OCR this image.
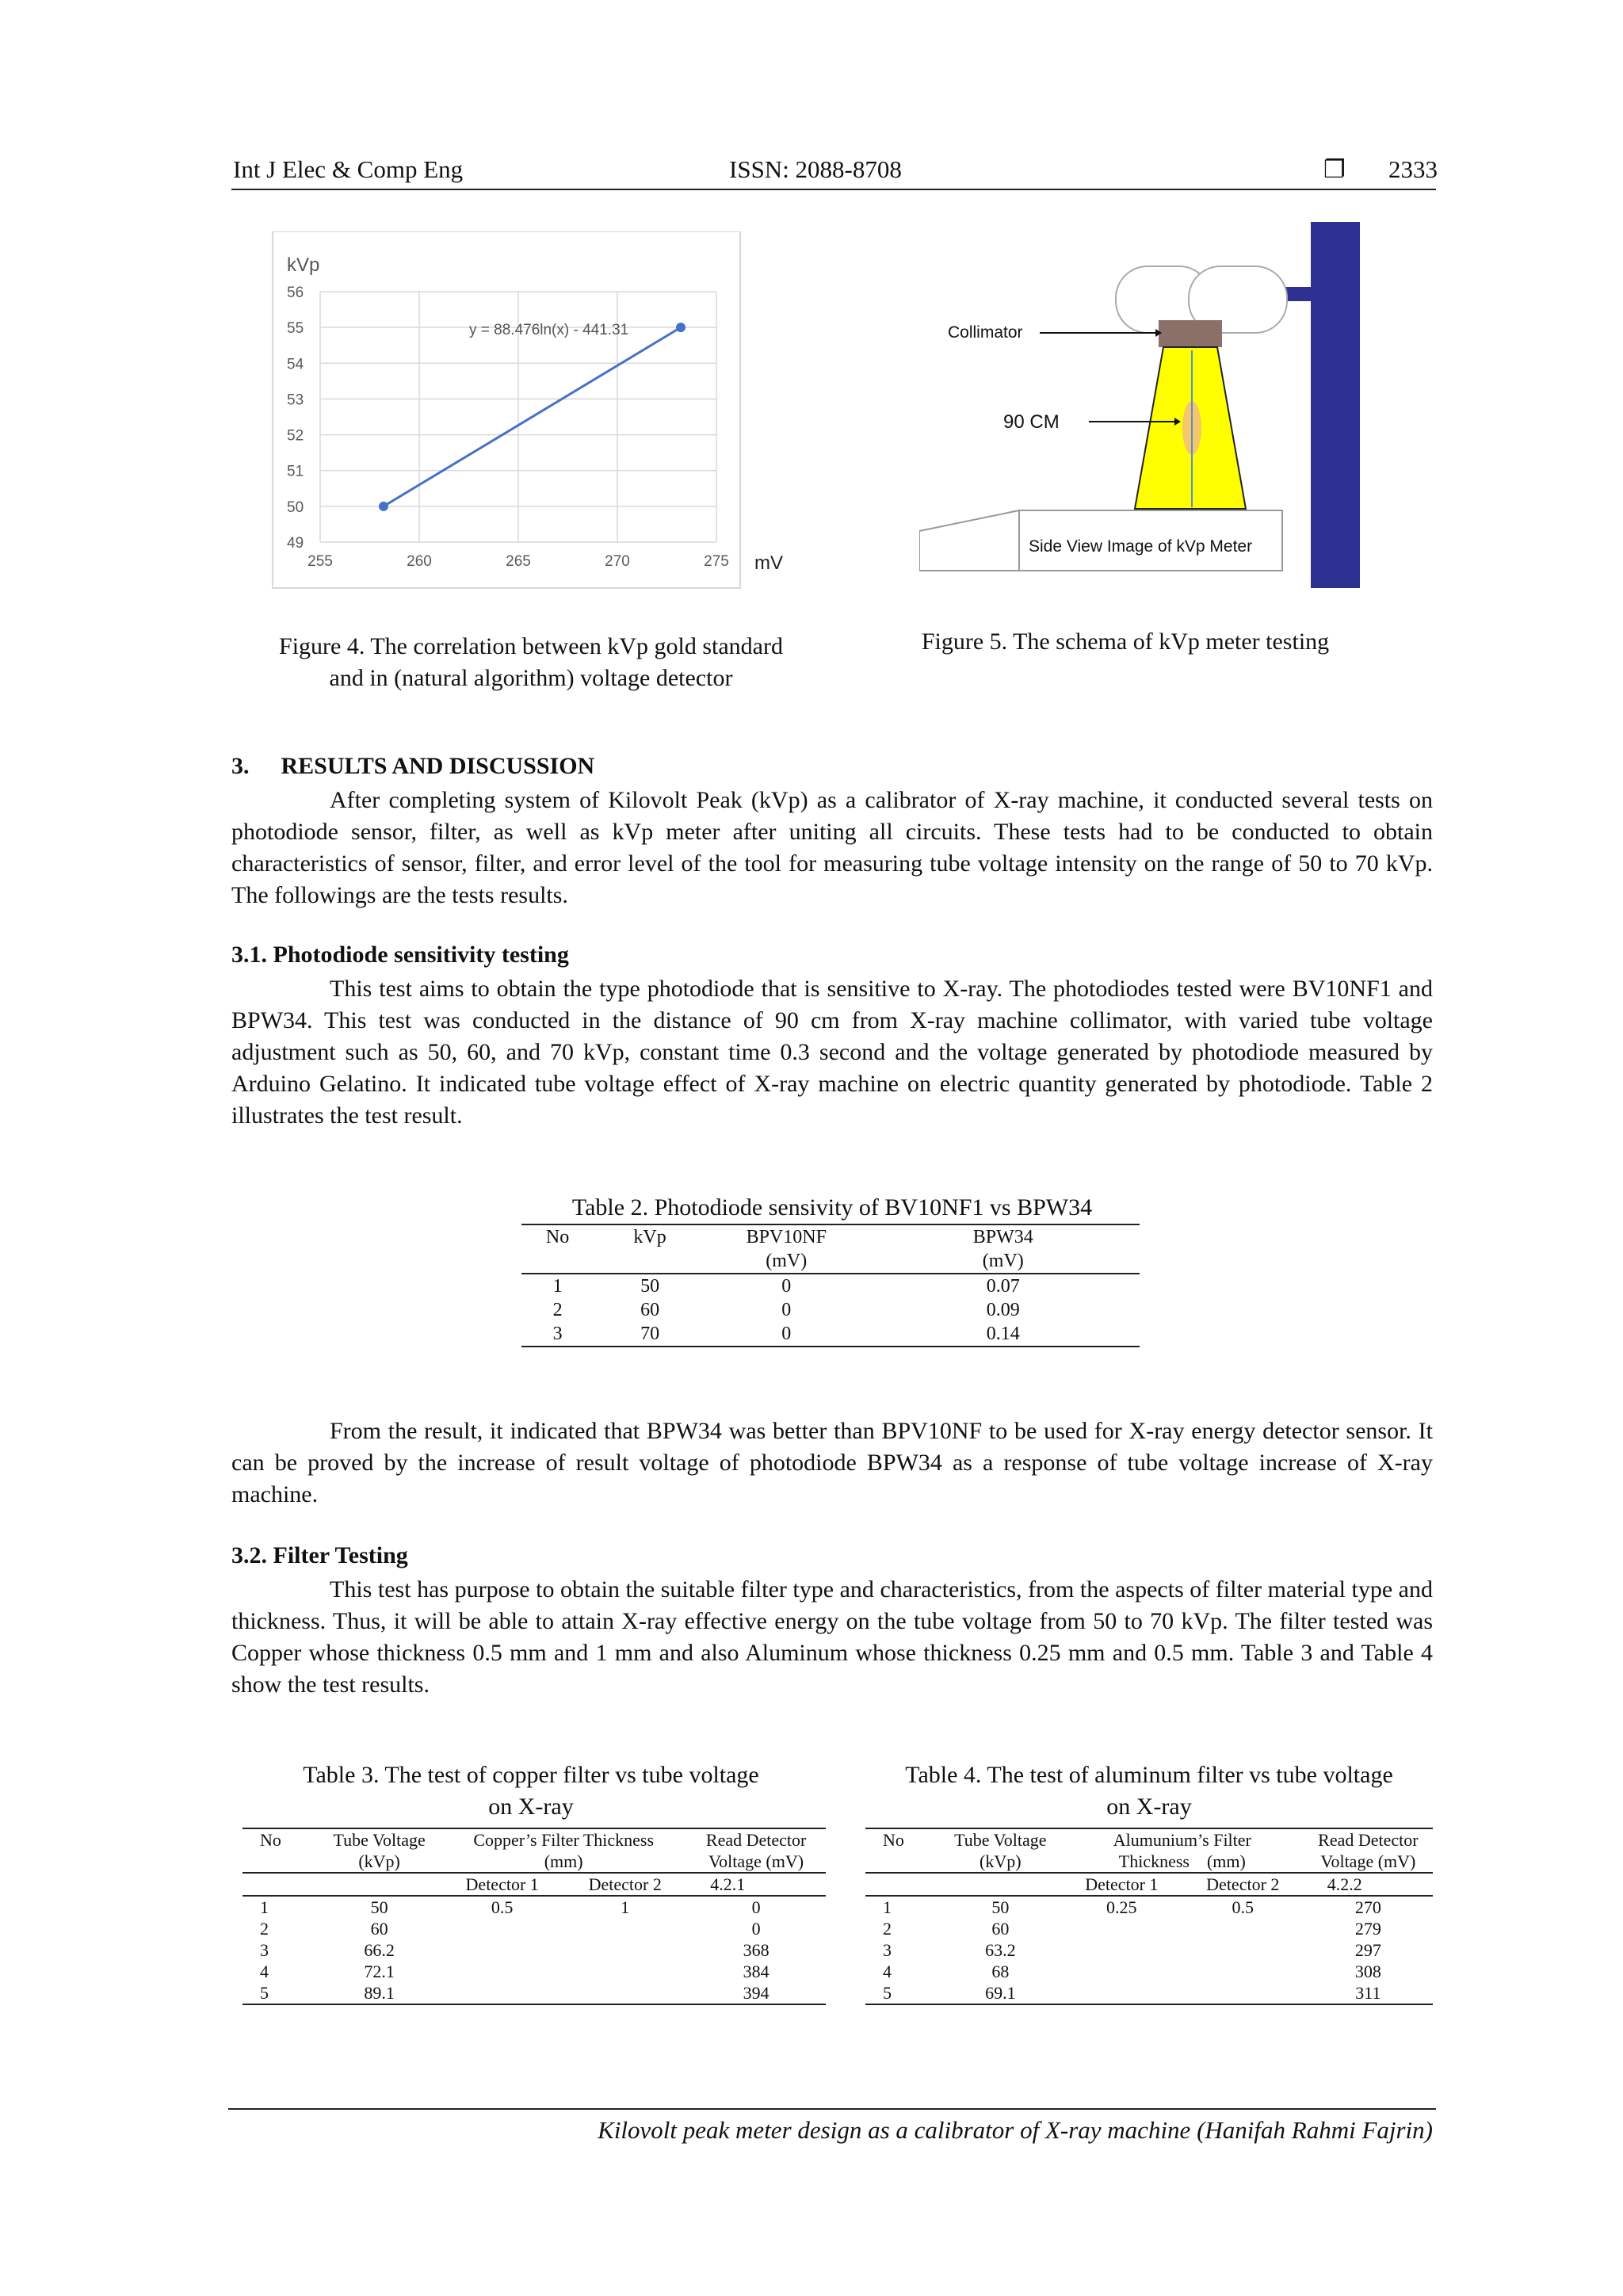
Int J Elec & Comp Eng	ISSN: 2088-8708	❐ 2333
49
50
51
52
53
54
55
56
255	260	265	270	275
kVp
mV
y = 88.476ln(x) - 441.31	Collimator
90 CM
Side View Image of kVp Meter
Figure 4. The correlation between kVp gold standard
and in (natural algorithm) voltage detector
Figure 5. The schema of kVp meter testing
3. RESULTS AND DISCUSSION
After completing system of Kilovolt Peak (kVp) as a calibrator of X-ray machine, it conducted several tests on photodiode sensor, filter, as well as kVp meter after uniting all circuits. These tests had to be conducted to obtain characteristics of sensor, filter, and error level of the tool for measuring tube voltage intensity on the range of 50 to 70 kVp. The followings are the tests results.
3.1. Photodiode sensitivity testing
This test aims to obtain the type photodiode that is sensitive to X-ray. The photodiodes tested were BV10NF1 and BPW34. This test was conducted in the distance of 90 cm from X-ray machine collimator, with varied tube voltage adjustment such as 50, 60, and 70 kVp, constant time 0.3 second and the voltage generated by photodiode measured by Arduino Gelatino. It indicated tube voltage effect of X-ray machine on electric quantity generated by photodiode. Table 2 illustrates the test result.
Table 2. Photodiode sensivity of BV10NF1 vs BPW34
No	kVp	BPV10NF	BPW34
		(mV)	(mV)
1	50	0	0.07
2	60	0	0.09
3	70	0	0.14
From the result, it indicated that BPW34 was better than BPV10NF to be used for X-ray energy detector sensor. It can be proved by the increase of result voltage of photodiode BPW34 as a response of tube voltage increase of X-ray machine.
3.2. Filter Testing
This test has purpose to obtain the suitable filter type and characteristics, from the aspects of filter material type and thickness. Thus, it will be able to attain X-ray effective energy on the tube voltage from 50 to 70 kVp. The filter tested was Copper whose thickness 0.5 mm and 1 mm and also Aluminum whose thickness 0.25 mm and 0.5 mm. Table 3 and Table 4 show the test results.
Table 3. The test of copper filter vs tube voltage
on X-ray
No	Tube Voltage	Copper’s Filter Thickness		Read Detector
	(kVp)	(mm)		Voltage (mV)
		Detector 1	Detector 2	4.2.1
1	50	0.5	1	0
2	60			0
3	66.2			368
4	72.1			384
5	89.1			394
Table 4. The test of aluminum filter vs tube voltage
on X-ray
No	Tube Voltage	Alumunium’s Filter		Read Detector
	(kVp)	Thickness    (mm)		Voltage (mV)
		Detector 1	Detector 2	4.2.2
1	50	0.25	0.5	270
2	60			279
3	63.2			297
4	68			308
5	69.1			311
Kilovolt peak meter design as a calibrator of X-ray machine (Hanifah Rahmi Fajrin)
